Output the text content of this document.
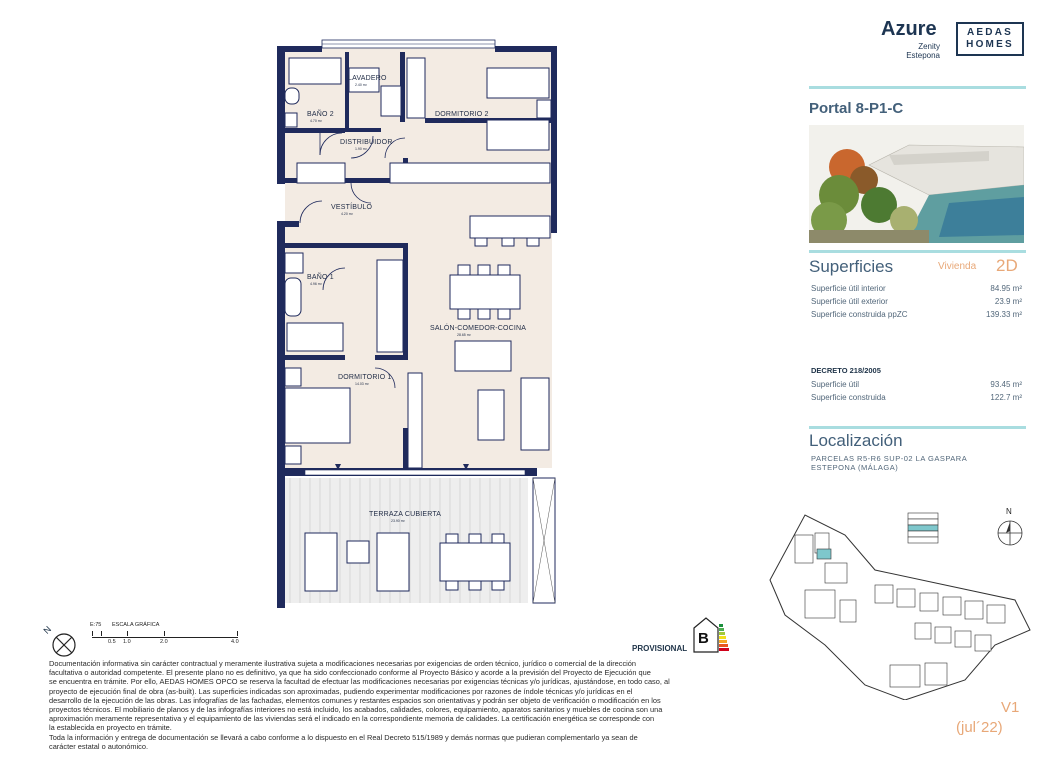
LAVADERO
2.40 m²
DORMITORIO 2
12.33 m²
BAÑO 2
4.70 m²
DISTRIBUIDOR
1.90 m²
VESTÍBULO
4.20 m²
BAÑO 1
4.96 m²
SALÓN-COMEDOR-COCINA
28.65 m²
DORMITORIO 1
14.03 m²
TERRAZA CUBIERTA
23.90 m²
N	E:75 ESCALA GRÁFICA
0.5 1.0	2.0	4.0
PROVISIONAL
B
Documentación informativa sin carácter contractual y meramente ilustrativa sujeta a modificaciones necesarias por exigencias de orden técnico, jurídico o comercial de la dirección
facultativa o autoridad competente. El presente plano no es definitivo, ya que ha sido confeccionado conforme al Proyecto Básico y acorde a la previsión del Proyecto de Ejecución que
se encuentra en trámite. Por ello, AEDAS HOMES OPCO se reserva la facultad de efectuar las modificaciones necesarias por exigencias técnicas y/o jurídicas, ajustándose, en todo caso, al
proyecto de ejecución final de obra (as-built). Las superficies indicadas son aproximadas, pudiendo experimentar modificaciones por razones de índole técnicas y/o jurídicas en el
desarrollo de la ejecución de las obras. Las infografías de las fachadas, elementos comunes y restantes espacios son orientativas y podrán ser objeto de verificación o modificación en los
proyectos técnicos. El mobiliario de planos y de las infografías interiores no está incluido, los acabados, calidades, colores, equipamiento, aparatos sanitarios y muebles de cocina son una
aproximación meramente representativa y el equipamiento de las viviendas será el indicado en la correspondiente memoria de calidades. La certificación energética se corresponde con
la establecida en proyecto en trámite.
Toda la información y entrega de documentación se llevará a cabo conforme a lo dispuesto en el Real Decreto 515/1989 y demás normas que pudieran complementarlo ya sean de
carácter estatal o autonómico.
Azure
Zenity
Estepona
AEDAS
HOMES
Portal 8-P1-C
Superficies	Vivienda 2D
Superficie útil interior	84.95 m²
Superficie útil exterior	23.9 m²
Superficie construida ppZC	139.33 m²
DECRETO 218/2005
Superficie útil	93.45 m²
Superficie construida	122.7 m²
Localización
PARCELAS R5-R6 SUP-02 LA GASPARA
ESTEPONA (MÁLAGA)
N
V1
(jul´22)
